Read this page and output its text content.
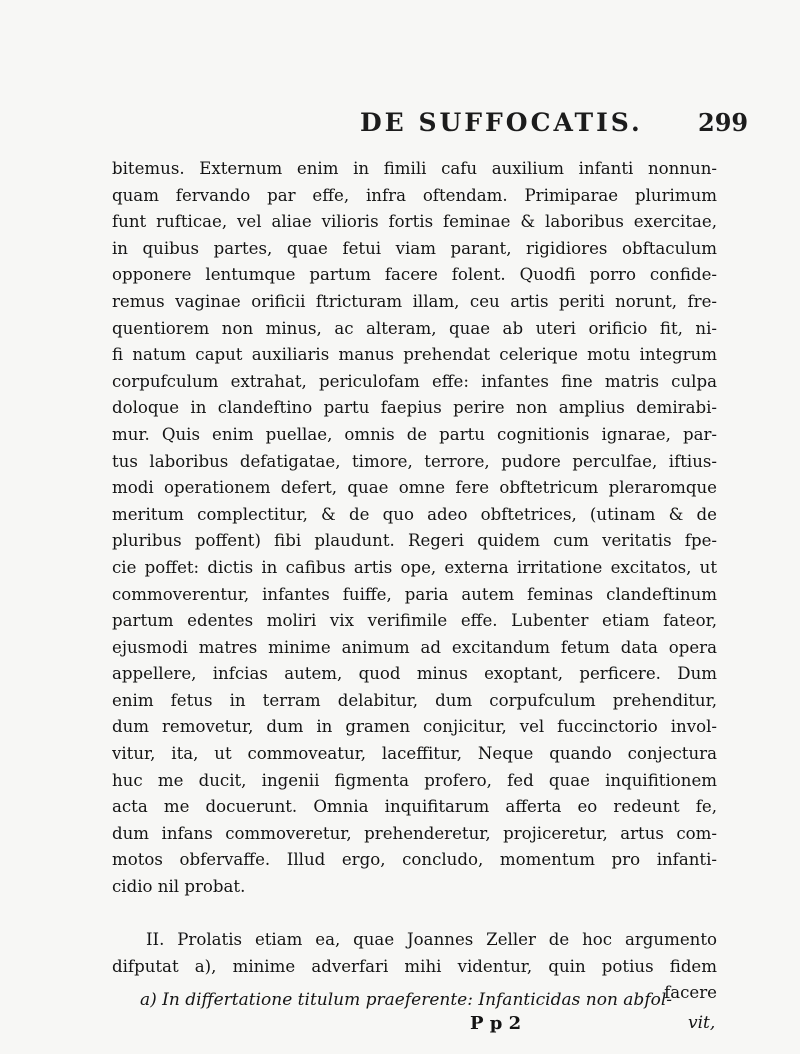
DE SUFFOCATIS. 299
bitemus. Externum enim in fimili cafu auxilium infanti nonnun-
quam fervando par effe, infra oftendam. Primiparae plurimum
funt rufticae, vel aliae vilioris fortis feminae & laboribus exercitae,
in quibus partes, quae fetui viam parant, rigidiores obftaculum
opponere lentumque partum facere folent. Quodfi porro confide-
remus vaginae orificii ftricturam illam, ceu artis periti norunt, fre-
quentiorem non minus, ac alteram, quae ab uteri orificio fit, ni-
fi natum caput auxiliaris manus prehendat celerique motu integrum
corpufculum extrahat, periculofam effe: infantes fine matris culpa
doloque in clandeftino partu faepius perire non amplius demirabi-
mur. Quis enim puellae, omnis de partu cognitionis ignarae, par-
tus laboribus defatigatae, timore, terrore, pudore perculfae, iftius-
modi operationem defert, quae omne fere obftetricum pleraromque
meritum complectitur, & de quo adeo obftetrices, (utinam & de
pluribus poffent) fibi plaudunt. Regeri quidem cum veritatis fpe-
cie poffet: dictis in cafibus artis ope, externa irritatione excitatos, ut
commoverentur, infantes fuiffe, paria autem feminas clandeftinum
partum edentes moliri vix verifimile effe. Lubenter etiam fateor,
ejusmodi matres minime animum ad excitandum fetum data opera
appellere, infcias autem, quod minus exoptant, perficere. Dum
enim fetus in terram delabitur, dum corpufculum prehenditur,
dum removetur, dum in gramen conjicitur, vel fuccinctorio invol-
vitur, ita, ut commoveatur, laceffitur, Neque quando conjectura
huc me ducit, ingenii figmenta profero, fed quae inquifitionem
acta me docuerunt. Omnia inquifitarum afferta eo redeunt fe,
dum infans commoveretur, prehenderetur, projiceretur, artus com-
motos obfervaffe. Illud ergo, concludo, momentum pro infanti-
cidio nil probat.
II. Prolatis etiam ea, quae Joannes Zeller de hoc argumento
difputat a), minime adverfari mihi videntur, quin potius fidem
facere
a) In differtatione titulum praeferente: Infanticidas non abfol-
P p 2	vit,
